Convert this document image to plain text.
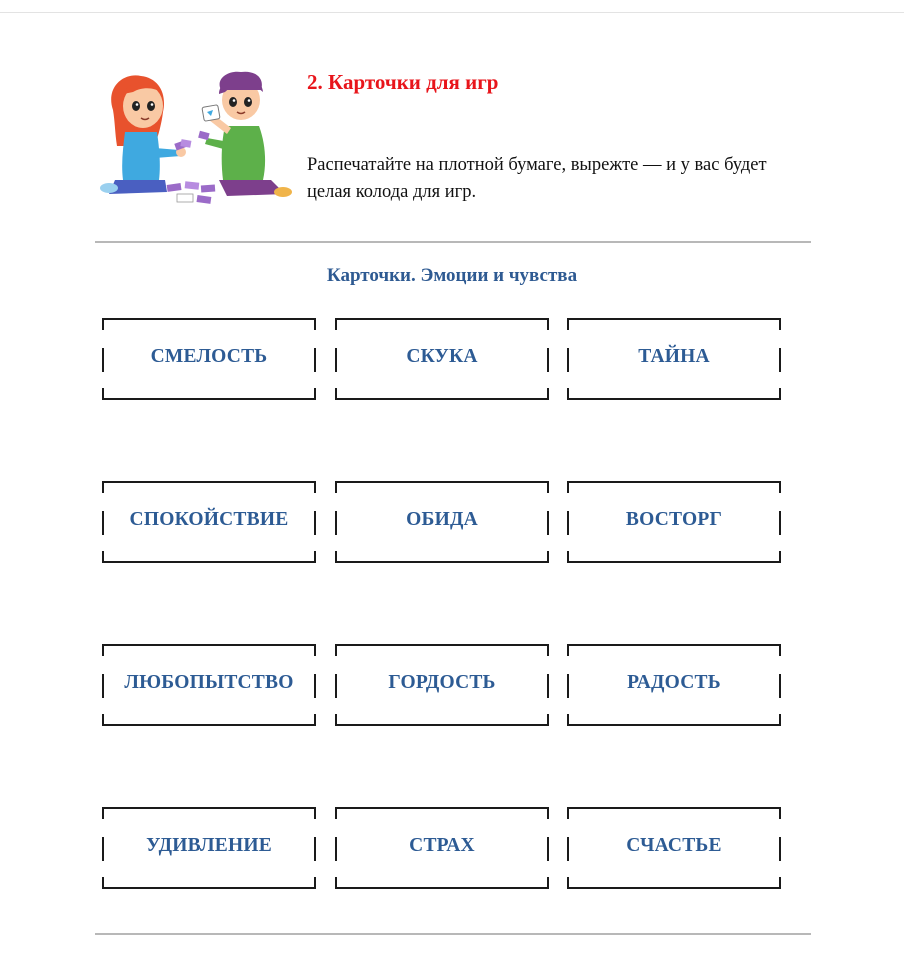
2. Карточки для игр

Распечатайте на плотной бумаге, вырежте — и у вас будет целая колода для игр.

Карточки. Эмоции и чувства
СМЕЛОСТЬ	СКУКА	ТАЙНА
СПОКОЙСТВИЕ	ОБИДА	ВОСТОРГ
ЛЮБОПЫТСТВО	ГОРДОСТЬ	РАДОСТЬ
УДИВЛЕНИЕ	СТРАХ	СЧАСТЬЕ
